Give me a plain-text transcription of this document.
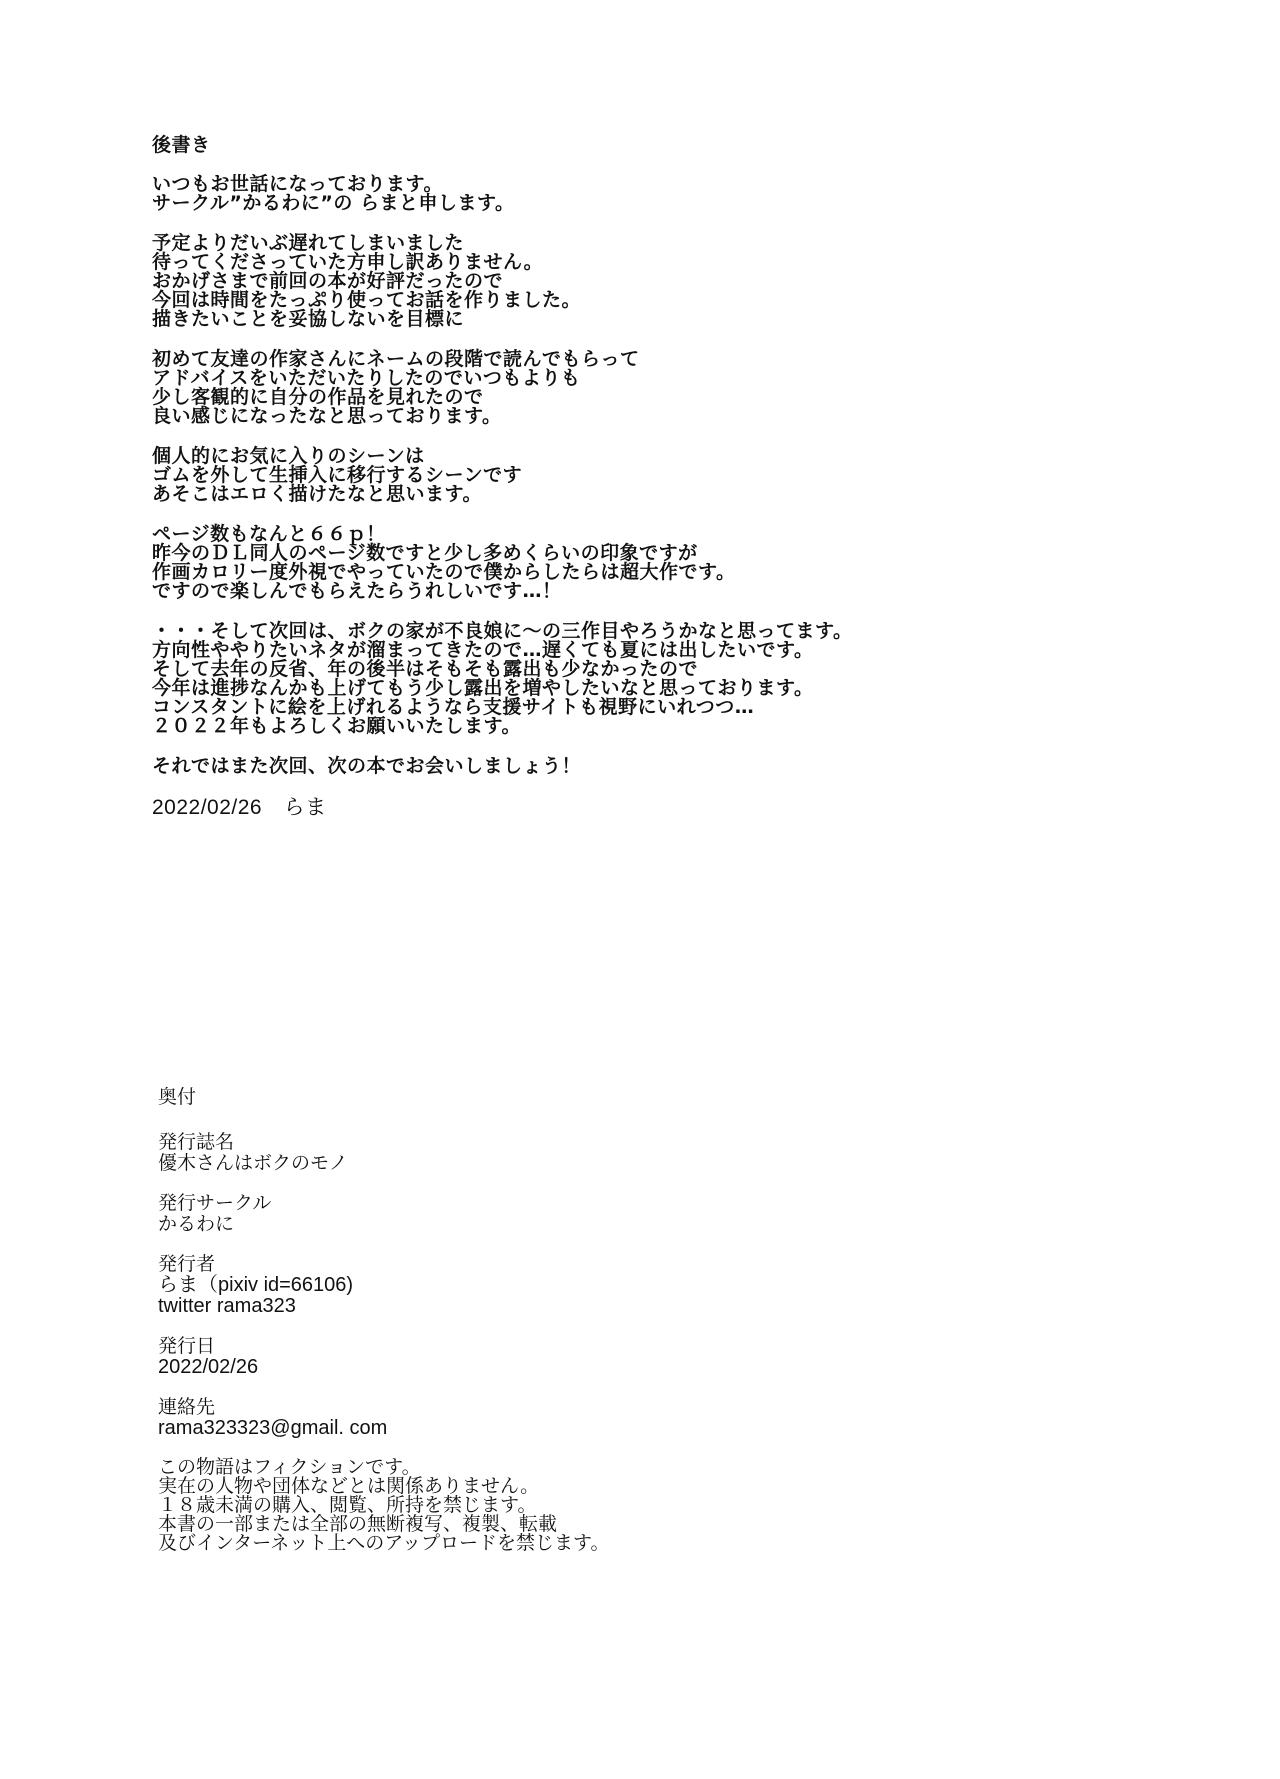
後書き
いつもお世話になっております。
サークル”かるわに”の らまと申します。
予定よりだいぶ遅れてしまいました
待ってくださっていた方申し訳ありません。
おかげさまで前回の本が好評だったので
今回は時間をたっぷり使ってお話を作りました。
描きたいことを妥協しないを目標に
初めて友達の作家さんにネームの段階で読んでもらって
アドバイスをいただいたりしたのでいつもよりも
少し客観的に自分の作品を見れたので
良い感じになったなと思っております。
個人的にお気に入りのシーンは
ゴムを外して生挿入に移行するシーンです
あそこはエロく描けたなと思います。
ページ数もなんと６６ｐ！
昨今のＤＬ同人のページ数ですと少し多めくらいの印象ですが
作画カロリー度外視でやっていたので僕からしたらは超大作です。
ですので楽しんでもらえたらうれしいです…！
・・・そして次回は、ボクの家が不良娘に～の三作目やろうかなと思ってます。
方向性ややりたいネタが溜まってきたので…遅くても夏には出したいです。
そして去年の反省、年の後半はそもそも露出も少なかったので
今年は進捗なんかも上げてもう少し露出を増やしたいなと思っております。
コンスタントに絵を上げれるようなら支援サイトも視野にいれつつ…
２０２２年もよろしくお願いいたします。
それではまた次回、次の本でお会いしましょう！
2022/02/26　らま
奥付
発行誌名
優木さんはボクのモノ
発行サークル
かるわに
発行者
らま（pixiv id=66106)
twitter rama323
発行日
2022/02/26
連絡先
rama323323@gmail. com
この物語はフィクションです。
実在の人物や団体などとは関係ありません。
１８歳未満の購入、閲覧、所持を禁じます。
本書の一部または全部の無断複写、複製、転載
及びインターネット上へのアップロードを禁じます。
